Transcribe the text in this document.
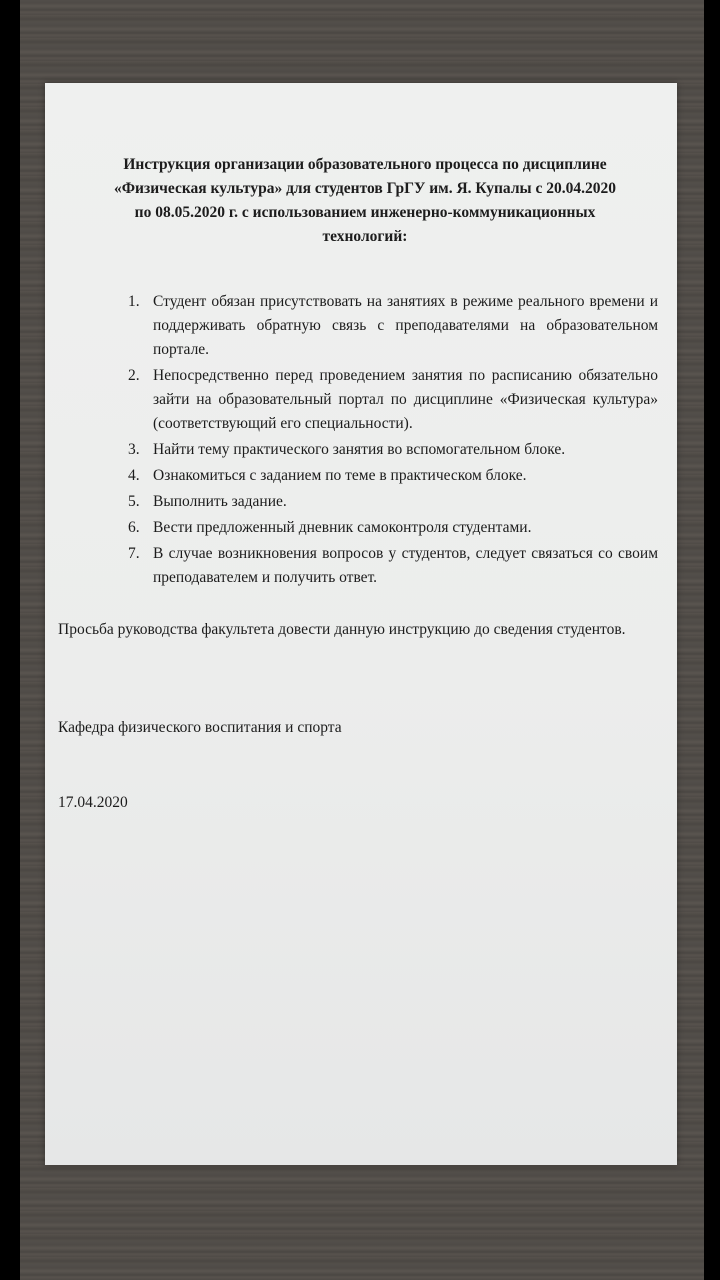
Инструкция организации образовательного процесса по дисциплине
«Физическая культура» для студентов ГрГУ им. Я. Купалы с 20.04.2020
по 08.05.2020 г. с использованием инженерно-коммуникационных
технологий:
1. Студент обязан присутствовать на занятиях в режиме реального времени и поддерживать обратную связь с преподавателями на образовательном портале.
2. Непосредственно перед проведением занятия по расписанию обязательно зайти на образовательный портал по дисциплине «Физическая культура» (соответствующий его специальности).
3. Найти тему практического занятия во вспомогательном блоке.
4. Ознакомиться с заданием по теме в практическом блоке.
5. Выполнить задание.
6. Вести предложенный дневник самоконтроля студентами.
7. В случае возникновения вопросов у студентов, следует связаться со своим преподавателем и получить ответ.
Просьба руководства факультета довести данную инструкцию до сведения студентов.
Кафедра физического воспитания и спорта
17.04.2020
